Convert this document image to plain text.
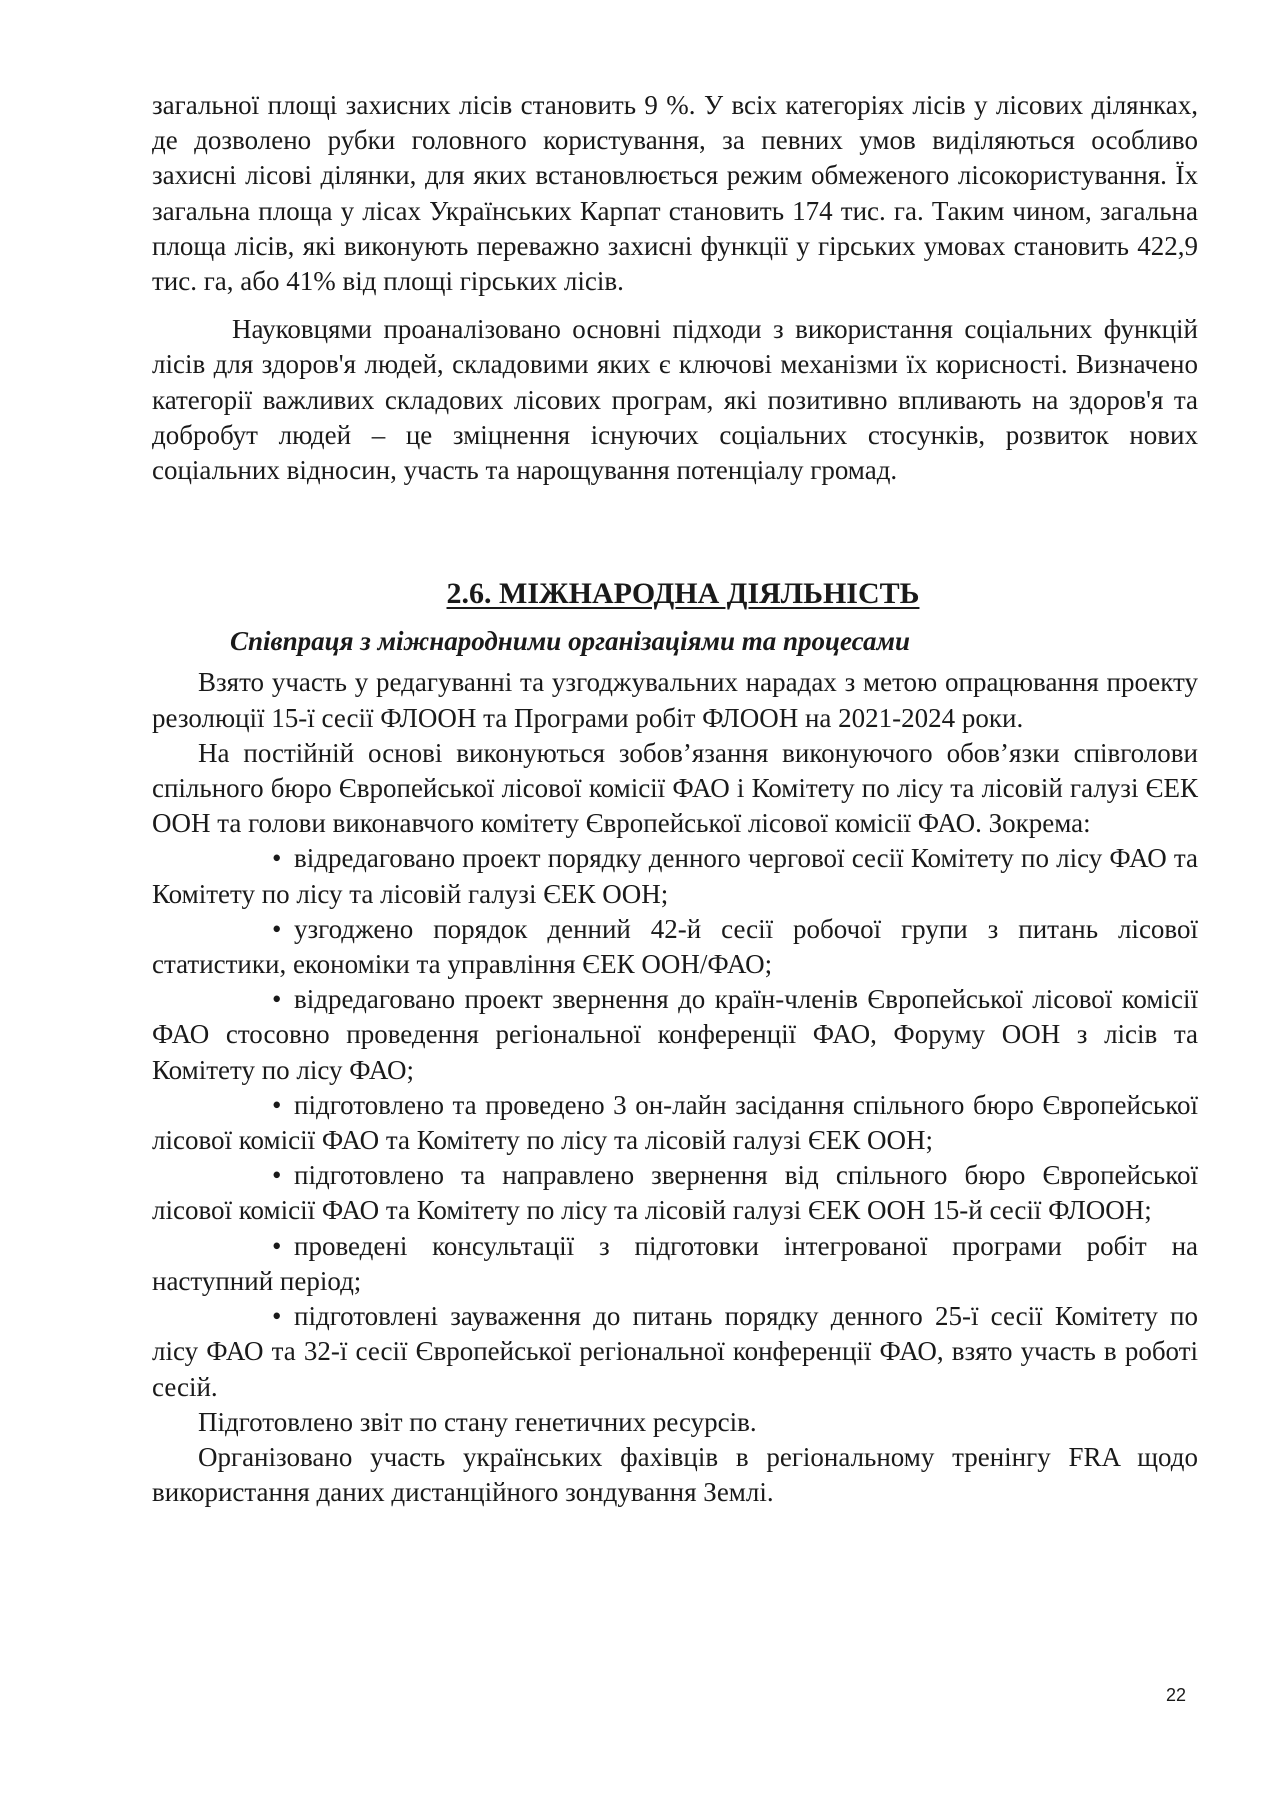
загальної площі захисних лісів становить 9 %. У всіх категоріях лісів у лісових ділянках, де дозволено рубки головного користування, за певних умов виділяються особливо захисні лісові ділянки, для яких встановлюється режим обмеженого лісокористування. Їх загальна площа у лісах Українських Карпат становить 174 тис. га. Таким чином, загальна площа лісів, які виконують переважно захисні функції у гірських умовах становить 422,9 тис. га, або 41% від площі гірських лісів.

Науковцями проаналізовано основні підходи з використання соціальних функцій лісів для здоров'я людей, складовими яких є ключові механізми їх корисності. Визначено категорії важливих складових лісових програм, які позитивно впливають на здоров'я та добробут людей – це зміцнення існуючих соціальних стосунків, розвиток нових соціальних відносин, участь та нарощування потенціалу громад.

2.6. МІЖНАРОДНА ДІЯЛЬНІСТЬ

Співпраця з міжнародними організаціями та процесами

Взято участь у редагуванні та узгоджувальних нарадах з метою опрацювання проекту резолюції 15-ї сесії ФЛООН та Програми робіт ФЛООН на 2021-2024 роки.

На постійній основі виконуються зобов’язання виконуючого обов’язки співголови спільного бюро Європейської лісової комісії ФАО і Комітету по лісу та лісовій галузі ЄЕК ООН та голови виконавчого комітету Європейської лісової комісії ФАО. Зокрема:

• відредаговано проект порядку денного чергової сесії Комітету по лісу ФАО та Комітету по лісу та лісовій галузі ЄЕК ООН;

• узгоджено порядок денний 42-й сесії робочої групи з питань лісової статистики, економіки та управління ЄЕК ООН/ФАО;

• відредаговано проект звернення до країн-членів Європейської лісової комісії ФАО стосовно проведення регіональної конференції ФАО, Форуму ООН з лісів та Комітету по лісу ФАО;

• підготовлено та проведено 3 он-лайн засідання спільного бюро Європейської лісової комісії ФАО та Комітету по лісу та лісовій галузі ЄЕК ООН;

• підготовлено та направлено звернення від спільного бюро Європейської лісової комісії ФАО та Комітету по лісу та лісовій галузі ЄЕК ООН 15-й сесії ФЛООН;

• проведені консультації з підготовки інтегрованої програми робіт на наступний період;

• підготовлені зауваження до питань порядку денного 25-ї сесії Комітету по лісу ФАО та 32-ї сесії Європейської регіональної конференції ФАО, взято участь в роботі сесій.

Підготовлено звіт по стану генетичних ресурсів.

Організовано участь українських фахівців в регіональному тренінгу FRA щодо використання даних дистанційного зондування Землі.

22
